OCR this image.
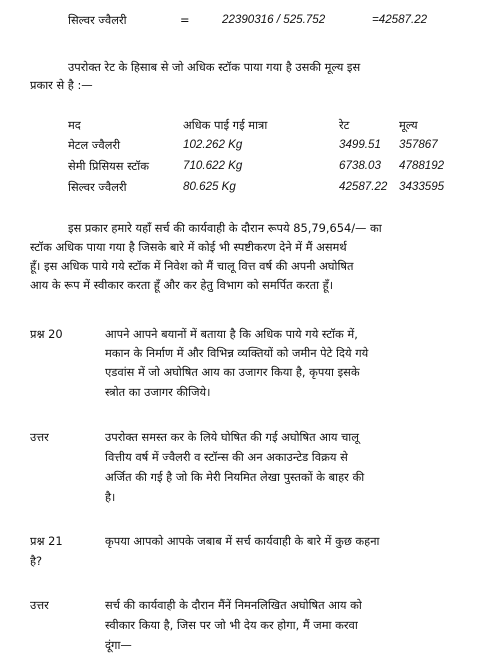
सिल्वर ज्वैलरी	=	22390316 / 525.752	=42587.22
उपरोक्त रेट के हिसाब से जो अधिक स्टॉक पाया गया है उसकी मूल्य इस
प्रकार से है :—
मद	अधिक पाई गई मात्रा	रेट	मूल्य
मेटल ज्वैलरी	102.262 Kg	3499.51 357867
सेमी प्रिसियस स्टॉक	710.622 Kg	6738.03 4788192
सिल्वर ज्वैलरी	80.625 Kg	42587.22 3433595
इस प्रकार हमारे यहाँ सर्च की कार्यवाही के दौरान रूपये 85,79,654/— का
स्टॉक अधिक पाया गया है जिसके बारे में कोई भी स्पष्टीकरण देने में मैं असमर्थ
हूँ। इस अधिक पाये गये स्टॉक में निवेश को मैं चालू वित्त वर्ष की अपनी अघोषित
आय के रूप में स्वीकार करता हूँ और कर हेतु विभाग को समर्पित करता हूँ।
प्रश्न 20	आपने आपने बयानों में बताया है कि अधिक पाये गये स्टॉक में,
मकान के निर्माण में और विभिन्न व्यक्तियों को जमीन पेटे दिये गये
एडवांस में जो अघोषित आय का उजागर किया है, कृपया इसके
स्त्रोत का उजागर कीजिये।
उत्तर	उपरोक्त समस्त कर के लिये घोषित की गई अघोषित आय चालू
वित्तीय वर्ष में ज्वैलरी व स्टॉन्स की अन अकाउन्टेड विक्रय से
अर्जित की गई है जो कि मेरी नियमित लेखा पुस्तकों के बाहर की
है।
प्रश्न 21	कृपया आपको आपके जबाब में सर्च कार्यवाही के बारे में कुछ कहना
है?
उत्तर	सर्च की कार्यवाही के दौरान मैंनें निमनलिखित अघोषित आय को
स्वीकार किया है, जिस पर जो भी देय कर होगा, मैं जमा करवा
दूंगा—
